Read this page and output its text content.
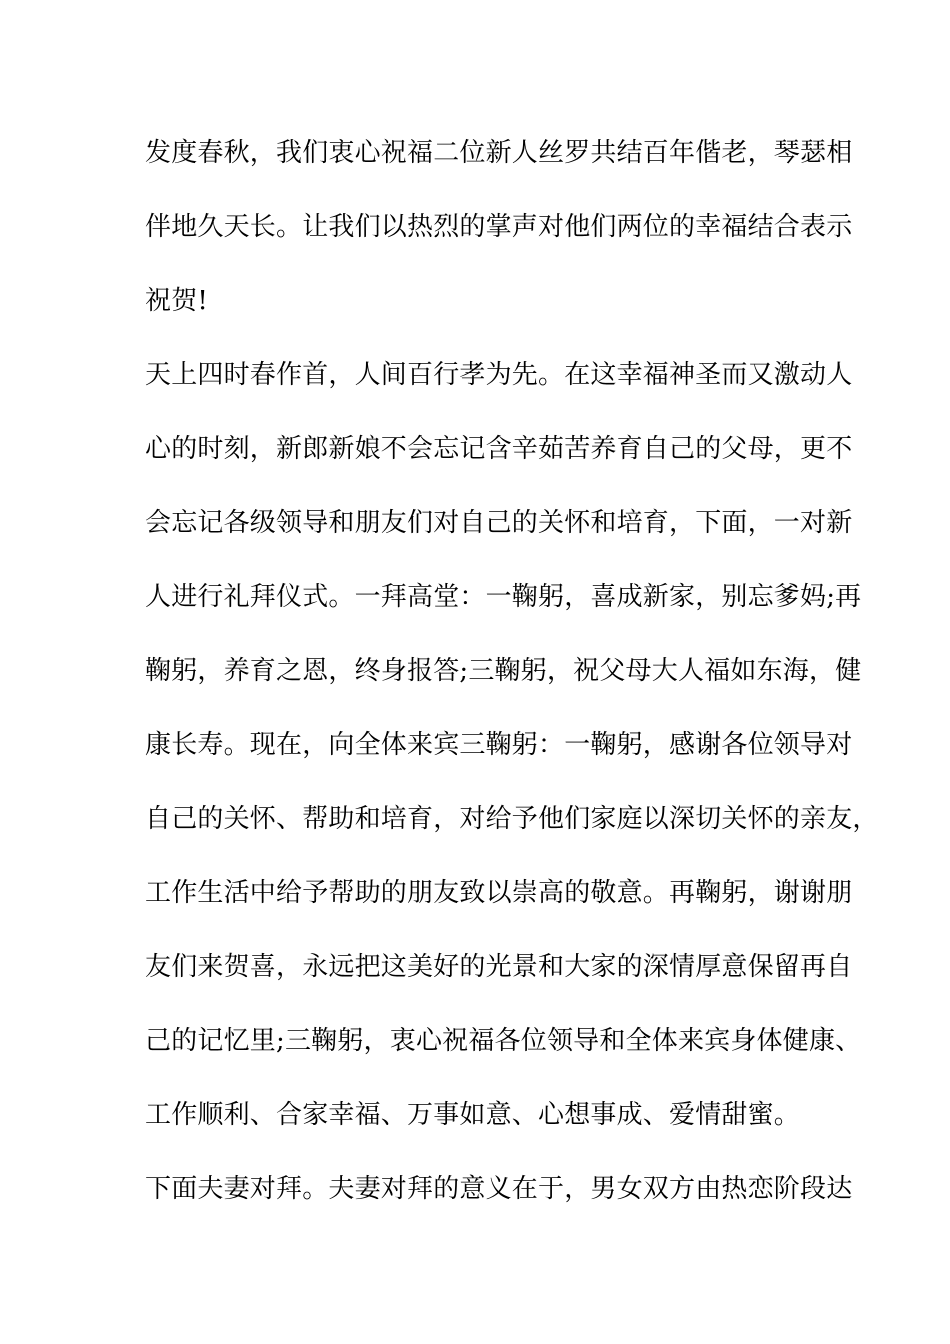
发度春秋，我们衷心祝福二位新人丝罗共结百年偕老，琴瑟相
伴地久天长。让我们以热烈的掌声对他们两位的幸福结合表示
祝贺!
天上四时春作首，人间百行孝为先。在这幸福神圣而又激动人
心的时刻，新郎新娘不会忘记含辛茹苦养育自己的父母，更不
会忘记各级领导和朋友们对自己的关怀和培育，下面，一对新
人进行礼拜仪式。一拜高堂：一鞠躬，喜成新家，别忘爹妈;再
鞠躬，养育之恩，终身报答;三鞠躬，祝父母大人福如东海，健
康长寿。现在，向全体来宾三鞠躬：一鞠躬，感谢各位领导对
自己的关怀、帮助和培育，对给予他们家庭以深切关怀的亲友，
工作生活中给予帮助的朋友致以崇高的敬意。再鞠躬，谢谢朋
友们来贺喜，永远把这美好的光景和大家的深情厚意保留再自
己的记忆里;三鞠躬，衷心祝福各位领导和全体来宾身体健康、
工作顺利、合家幸福、万事如意、心想事成、爱情甜蜜。
下面夫妻对拜。夫妻对拜的意义在于，男女双方由热恋阶段达
